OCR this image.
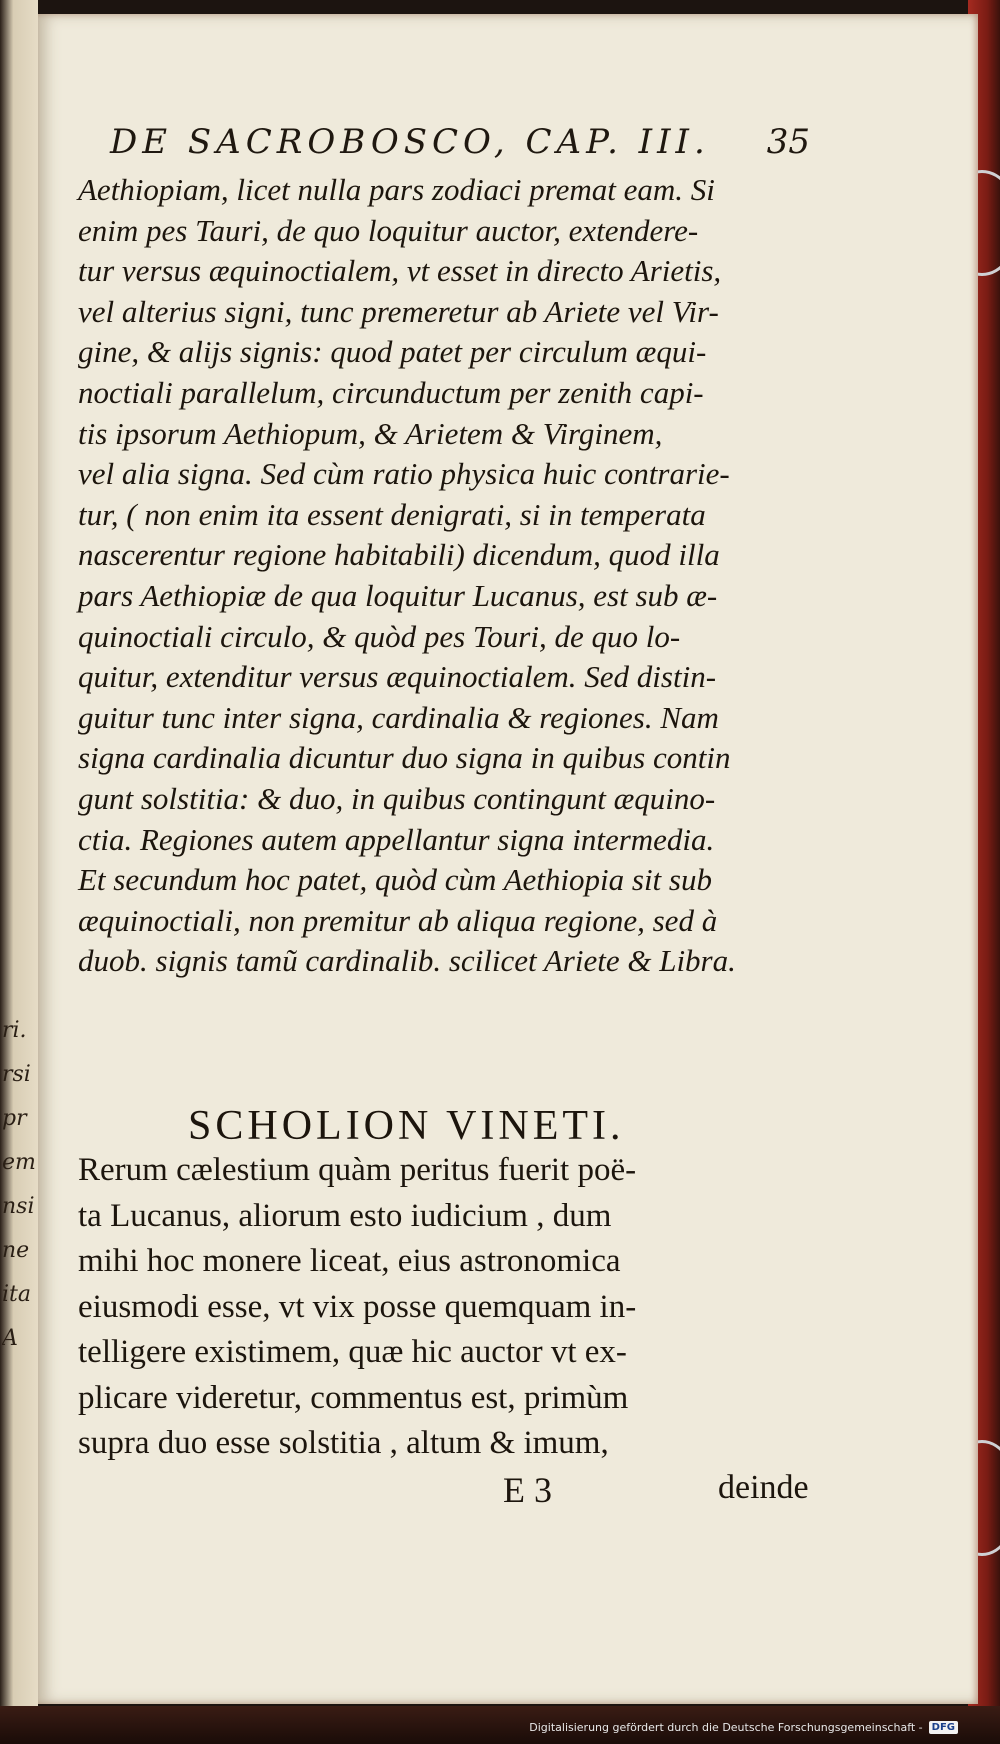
ri.
rsi
pr
em
nsi
ne
ita
A
DE SACROBOSCO, CAP. III. 35
Aethiopiam, licet nulla pars zodiaci premat eam. Si
enim pes Tauri, de quo loquitur auctor, extendere-
tur versus æquinoctialem, vt esset in directo Arietis,
vel alterius signi, tunc premeretur ab Ariete vel Vir-
gine, & alijs signis: quod patet per circulum æqui-
noctiali parallelum, circunductum per zenith capi-
tis ipsorum Aethiopum, & Arietem & Virginem,
vel alia signa. Sed cùm ratio physica huic contrarie-
tur, ( non enim ita essent denigrati, si in temperata
nascerentur regione habitabili) dicendum, quod illa
pars Aethiopiæ de qua loquitur Lucanus, est sub æ-
quinoctiali circulo, & quòd pes Touri, de quo lo-
quitur, extenditur versus æquinoctialem. Sed distin-
guitur tunc inter signa, cardinalia & regiones. Nam
signa cardinalia dicuntur duo signa in quibus contin
gunt solstitia: & duo, in quibus contingunt æquino-
ctia. Regiones autem appellantur signa intermedia.
Et secundum hoc patet, quòd cùm Aethiopia sit sub
æquinoctiali, non premitur ab aliqua regione, sed à
duob. signis tamũ cardinalib. scilicet Ariete & Libra.
SCHOLION VINETI.
Rerum cælestium quàm peritus fuerit poë-
ta Lucanus, aliorum esto iudicium , dum
mihi hoc monere liceat, eius astronomica
eiusmodi esse, vt vix posse quemquam in-
telligere existimem, quæ hic auctor vt ex-
plicare videretur, commentus est, primùm
supra duo esse solstitia , altum & imum,
E 3	deinde
Digitalisierung gefördert durch die Deutsche Forschungsgemeinschaft - DFG
